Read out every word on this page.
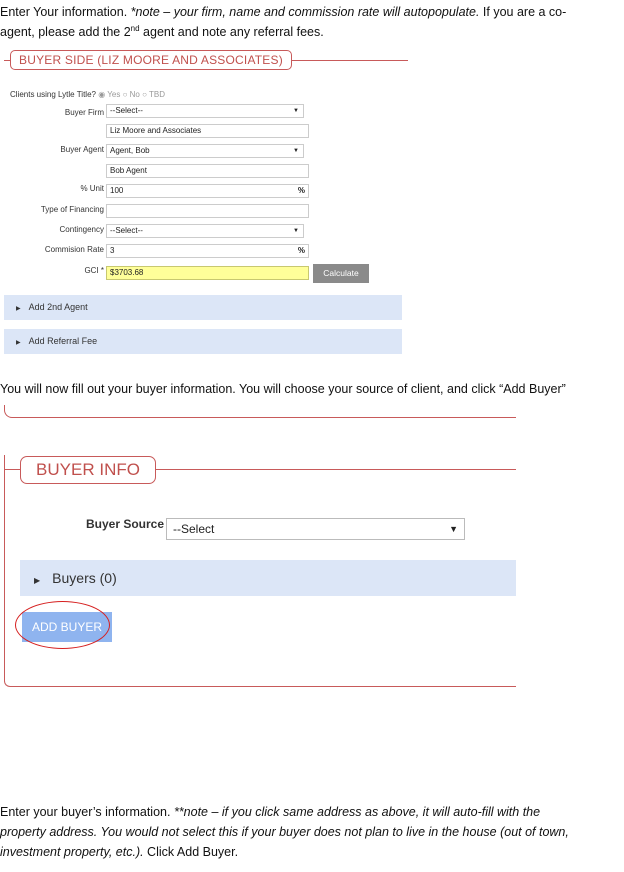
Enter Your information. *note – your firm, name and commission rate will autopopulate. If you are a co-
agent, please add the 2nd agent and note any referral fees.
BUYER SIDE (LIZ MOORE AND ASSOCIATES)
Clients using Lytle Title? ◉ Yes ○ No ○ TBD
Buyer Firm --Select-- ▼
Liz Moore and Associates
Buyer Agent Agent, Bob ▼
Bob Agent
% Unit 100	%
Type of Financing
Contingency --Select-- ▼
Commision Rate 3	%
GCI * $3703.68	Calculate
▶ Add 2nd Agent
▶ Add Referral Fee
You will now fill out your buyer information. You will choose your source of client, and click “Add Buyer”
BUYER INFO
Buyer Source --Select ▼
▶ Buyers (0)
ADD BUYER
Enter your buyer’s information. **note – if you click same address as above, it will auto-fill with the
property address. You would not select this if your buyer does not plan to live in the house (out of town,
investment property, etc.). Click Add Buyer.
